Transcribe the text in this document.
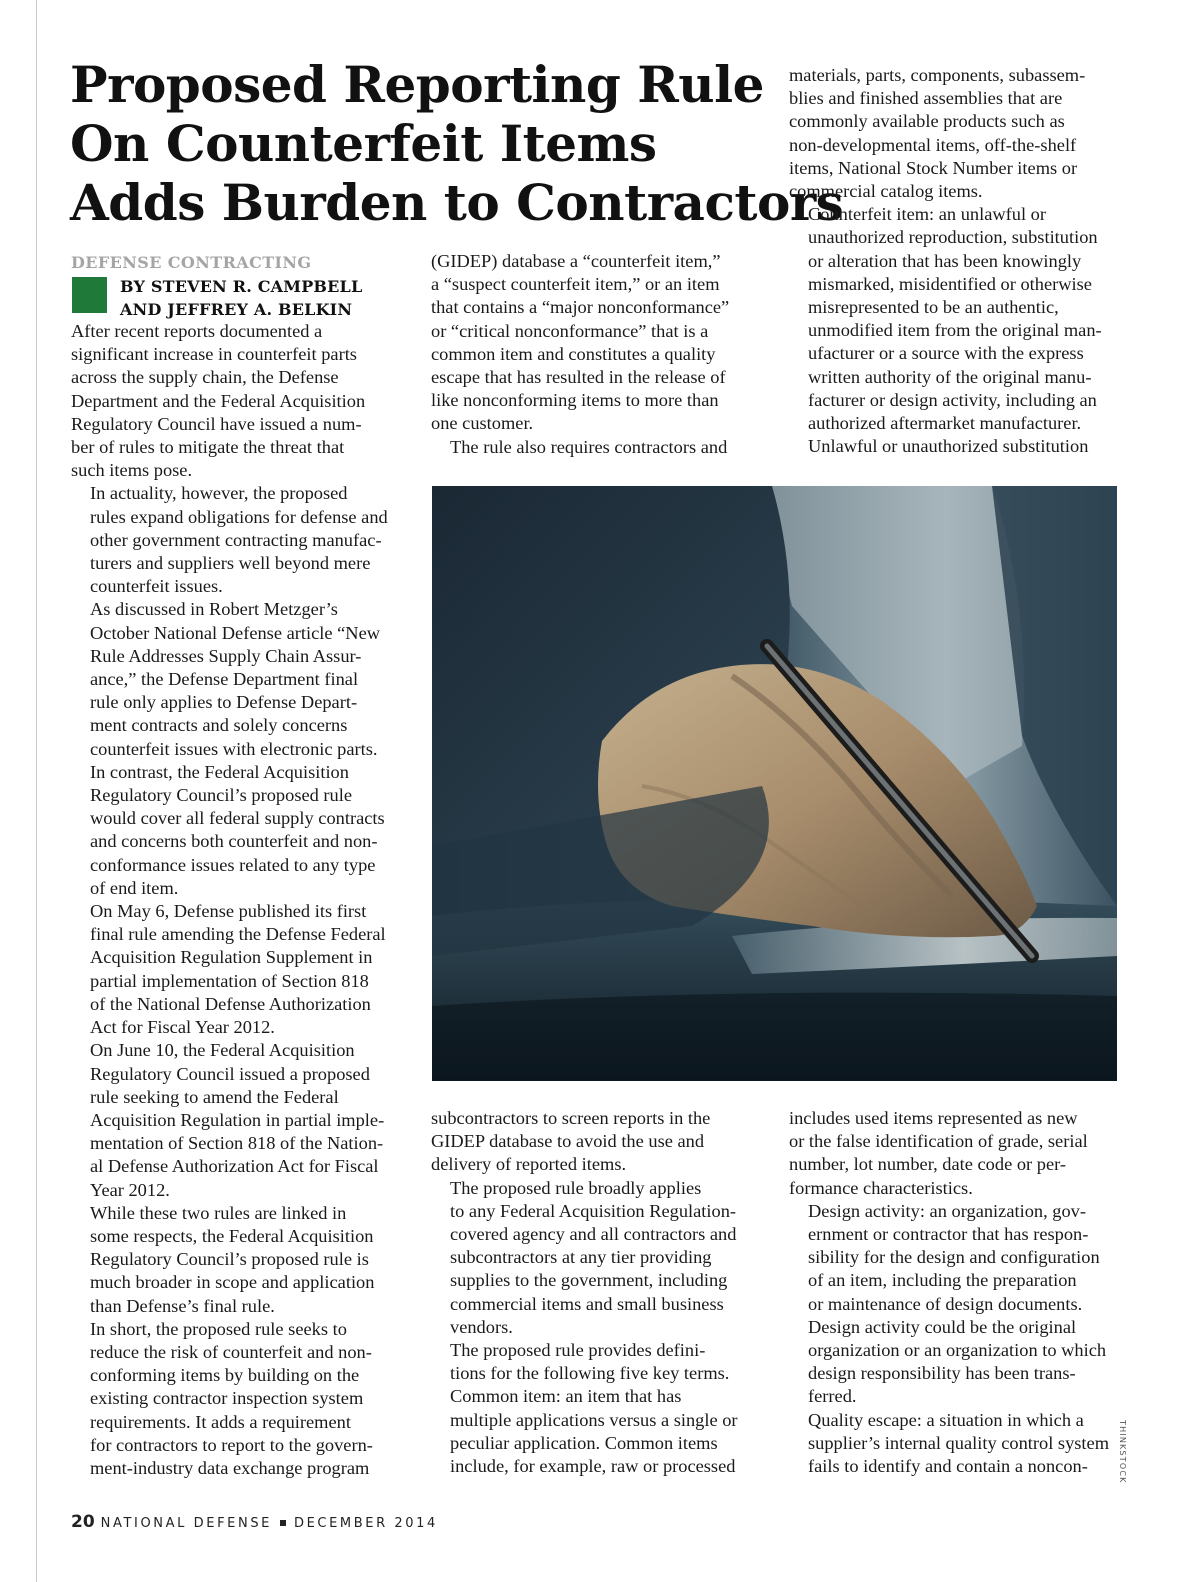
Proposed Reporting Rule
On Counterfeit Items
Adds Burden to Contractors

DEFENSE CONTRACTING

BY STEVEN R. CAMPBELL
AND JEFFREY A. BELKIN

After recent reports documented a
significant increase in counterfeit parts
across the supply chain, the Defense
Department and the Federal Acquisition
Regulatory Council have issued a num-
ber of rules to mitigate the threat that
such items pose.

In actuality, however, the proposed
rules expand obligations for defense and
other government contracting manufac-
turers and suppliers well beyond mere
counterfeit issues.

As discussed in Robert Metzger’s
October National Defense article “New
Rule Addresses Supply Chain Assur-
ance,” the Defense Department final
rule only applies to Defense Depart-
ment contracts and solely concerns
counterfeit issues with electronic parts.

In contrast, the Federal Acquisition
Regulatory Council’s proposed rule
would cover all federal supply contracts
and concerns both counterfeit and non-
conformance issues related to any type
of end item.

On May 6, Defense published its first
final rule amending the Defense Federal
Acquisition Regulation Supplement in
partial implementation of Section 818
of the National Defense Authorization
Act for Fiscal Year 2012.

On June 10, the Federal Acquisition
Regulatory Council issued a proposed
rule seeking to amend the Federal
Acquisition Regulation in partial imple-
mentation of Section 818 of the Nation-
al Defense Authorization Act for Fiscal
Year 2012.

While these two rules are linked in
some respects, the Federal Acquisition
Regulatory Council’s proposed rule is
much broader in scope and application
than Defense’s final rule.

In short, the proposed rule seeks to
reduce the risk of counterfeit and non-
conforming items by building on the
existing contractor inspection system
requirements. It adds a requirement
for contractors to report to the govern-
ment-industry data exchange program

(GIDEP) database a “counterfeit item,”
a “suspect counterfeit item,” or an item
that contains a “major nonconformance”
or “critical nonconformance” that is a
common item and constitutes a quality
escape that has resulted in the release of
like nonconforming items to more than
one customer.

The rule also requires contractors and

subcontractors to screen reports in the
GIDEP database to avoid the use and
delivery of reported items.

The proposed rule broadly applies
to any Federal Acquisition Regulation-
covered agency and all contractors and
subcontractors at any tier providing
supplies to the government, including
commercial items and small business
vendors.

The proposed rule provides defini-
tions for the following five key terms.

Common item: an item that has
multiple applications versus a single or
peculiar application. Common items
include, for example, raw or processed

materials, parts, components, subassem-
blies and finished assemblies that are
commonly available products such as
non-developmental items, off-the-shelf
items, National Stock Number items or
commercial catalog items.

Counterfeit item: an unlawful or
unauthorized reproduction, substitution
or alteration that has been knowingly
mismarked, misidentified or otherwise
misrepresented to be an authentic,
unmodified item from the original man-
ufacturer or a source with the express
written authority of the original manu-
facturer or design activity, including an
authorized aftermarket manufacturer.
Unlawful or unauthorized substitution

includes used items represented as new
or the false identification of grade, serial
number, lot number, date code or per-
formance characteristics.

Design activity: an organization, gov-
ernment or contractor that has respon-
sibility for the design and configuration
of an item, including the preparation
or maintenance of design documents.
Design activity could be the original
organization or an organization to which
design responsibility has been trans-
ferred.

Quality escape: a situation in which a
supplier’s internal quality control system
fails to identify and contain a noncon-	THINKSTOCK

20 NATIONAL DEFENSE DECEMBER 2014
